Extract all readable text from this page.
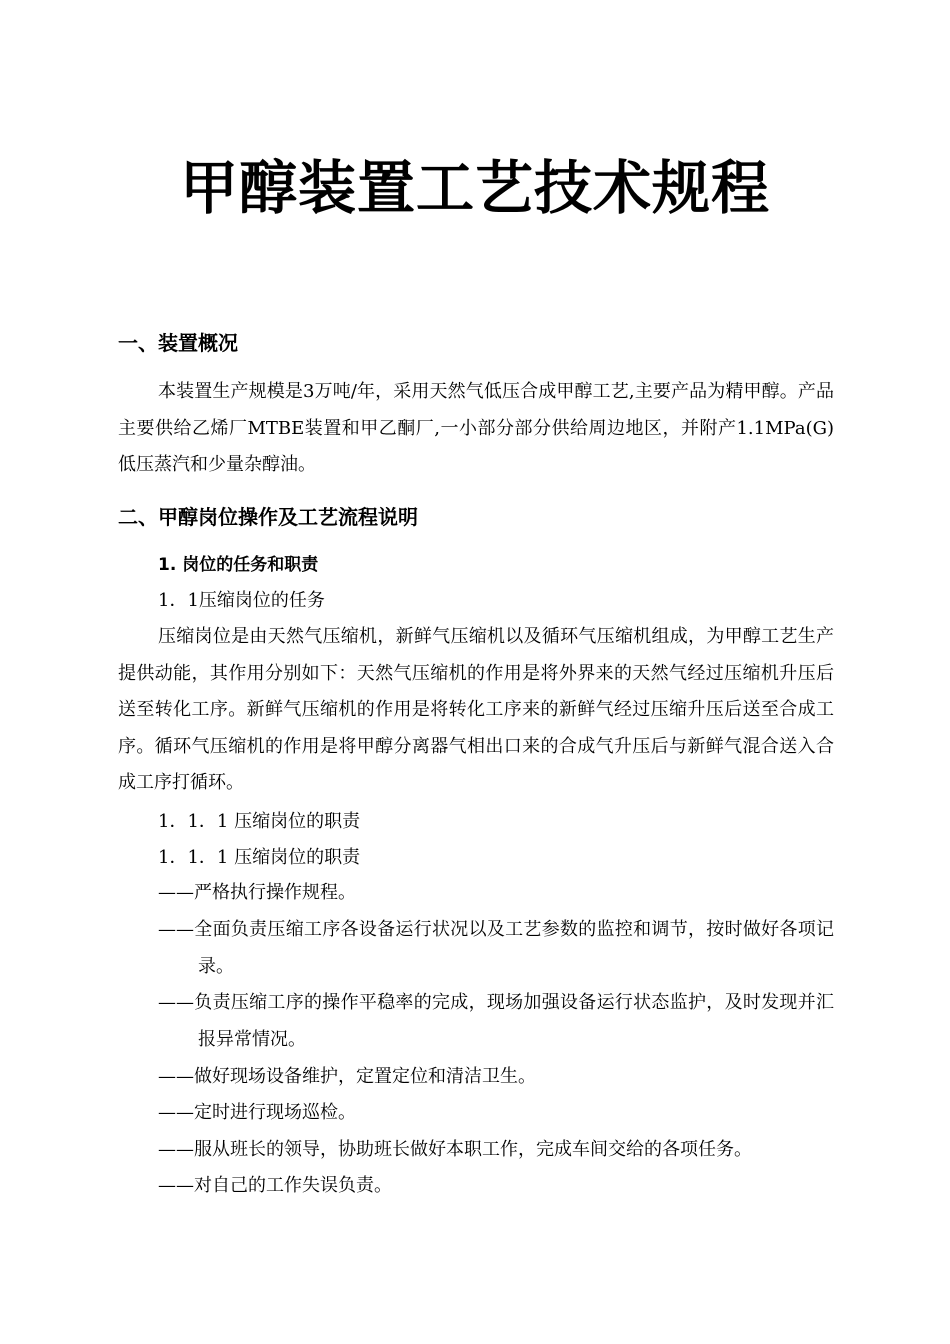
甲醇装置工艺技术规程
一、装置概况
本装置生产规模是3万吨/年，采用天然气低压合成甲醇工艺,主要产品为精甲醇。产品主要供给乙烯厂MTBE装置和甲乙酮厂,一小部分部分供给周边地区，并附产1.1MPa(G)低压蒸汽和少量杂醇油。
二、甲醇岗位操作及工艺流程说明
1. 岗位的任务和职责
1．1压缩岗位的任务
压缩岗位是由天然气压缩机，新鲜气压缩机以及循环气压缩机组成，为甲醇工艺生产提供动能，其作用分别如下：天然气压缩机的作用是将外界来的天然气经过压缩机升压后送至转化工序。新鲜气压缩机的作用是将转化工序来的新鲜气经过压缩升压后送至合成工序。循环气压缩机的作用是将甲醇分离器气相出口来的合成气升压后与新鲜气混合送入合成工序打循环。
1．1．1 压缩岗位的职责
1．1．1 压缩岗位的职责
——严格执行操作规程。
——全面负责压缩工序各设备运行状况以及工艺参数的监控和调节，按时做好各项记录。
——负责压缩工序的操作平稳率的完成，现场加强设备运行状态监护，及时发现并汇报异常情况。
——做好现场设备维护，定置定位和清洁卫生。
——定时进行现场巡检。
——服从班长的领导，协助班长做好本职工作，完成车间交给的各项任务。
——对自己的工作失误负责。
